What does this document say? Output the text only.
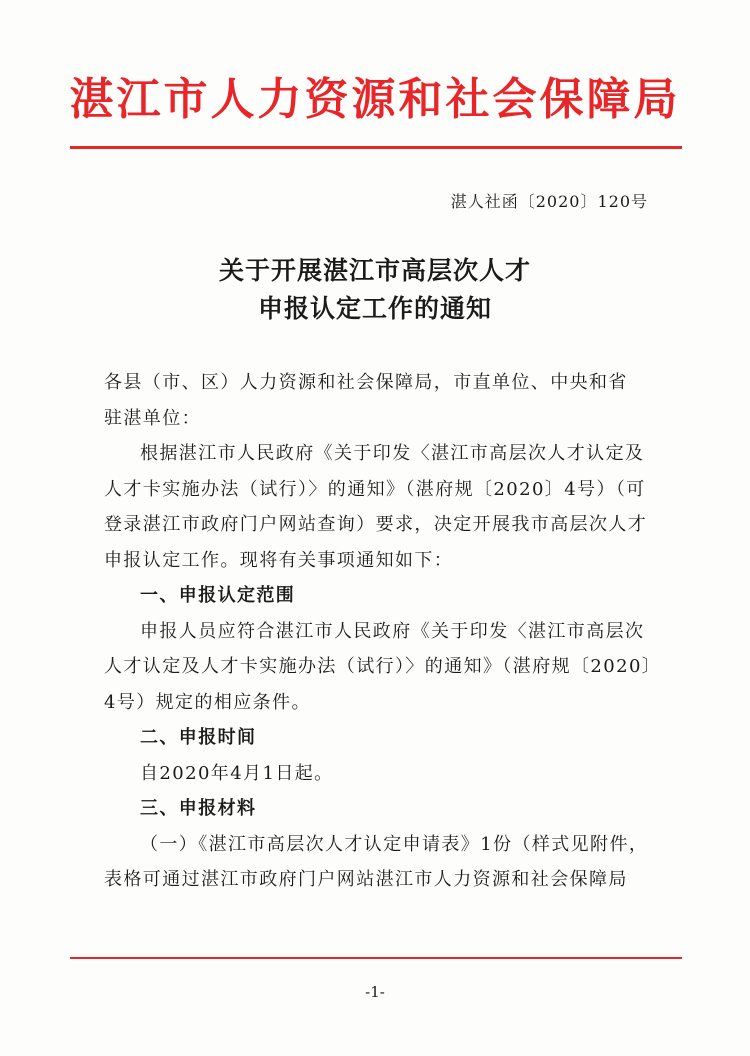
湛江市人力资源和社会保障局
湛人社函〔2020〕120号
关于开展湛江市高层次人才
申报认定工作的通知

各县（市、区）人力资源和社会保障局，市直单位、中央和省

驻湛单位：

根据湛江市人民政府《关于印发〈湛江市高层次人才认定及人才卡实施办法（试行）〉的通知》（湛府规〔2020〕4号）（可登录湛江市政府门户网站查询）要求，决定开展我市高层次人才申报认定工作。现将有关事项通知如下：

一、申报认定范围

申报人员应符合湛江市人民政府《关于印发〈湛江市高层次人才认定及人才卡实施办法（试行）〉的通知》（湛府规〔2020〕4号）规定的相应条件。

二、申报时间

自2020年4月1日起。

三、申报材料

（一）《湛江市高层次人才认定申请表》1份（样式见附件，表格可通过湛江市政府门户网站湛江市人力资源和社会保障局

-1-
